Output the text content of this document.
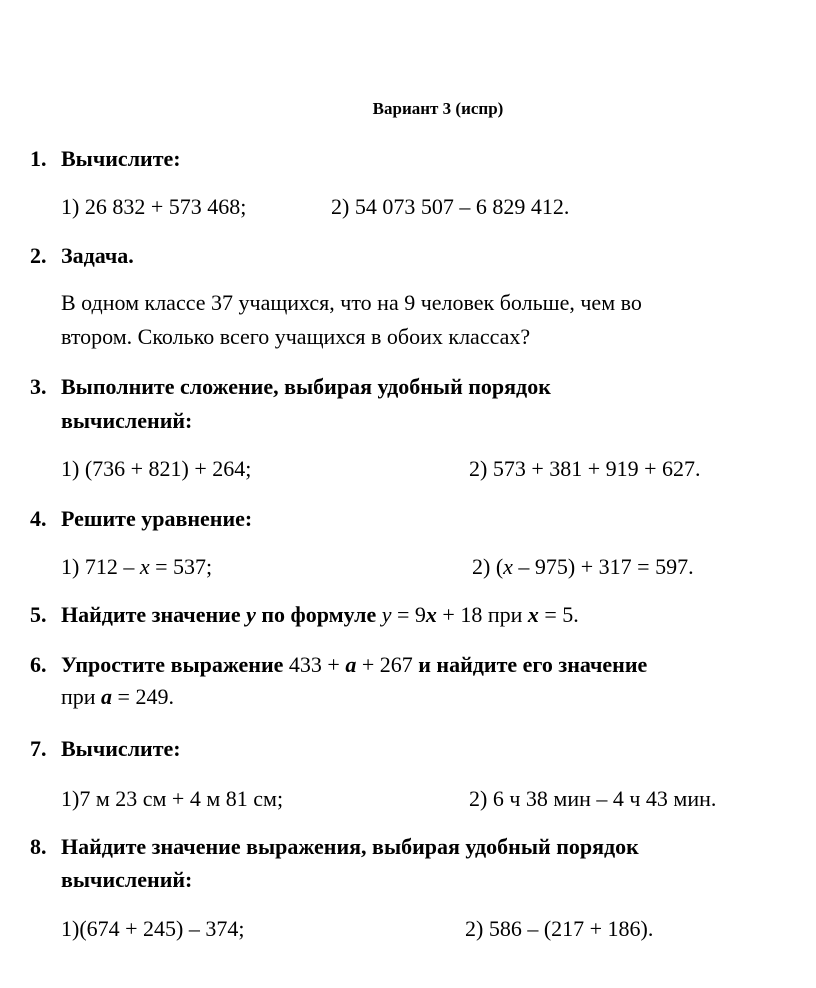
Вариант 3 (испр)
1. Вычислите:
1) 26 832 + 573 468;	2) 54 073 507 – 6 829 412.
2. Задача.
В одном классе 37 учащихся, что на 9 человек больше, чем во
втором. Сколько всего учащихся в обоих классах?
3. Выполните сложение, выбирая удобный порядок
вычислений:
1) (736 + 821) + 264;	2) 573 + 381 + 919 + 627.
4. Решите уравнение:
1) 712 – x = 537;	2) (x – 975) + 317 = 597.
5. Найдите значение y по формуле y = 9x + 18 при x = 5.
6. Упростите выражение 433 + a + 267 и найдите его значение
при a = 249.
7. Вычислите:
1)7 м 23 см + 4 м 81 см;	2) 6 ч 38 мин – 4 ч 43 мин.
8. Найдите значение выражения, выбирая удобный порядок
вычислений:
1)(674 + 245) – 374;	2) 586 – (217 + 186).
